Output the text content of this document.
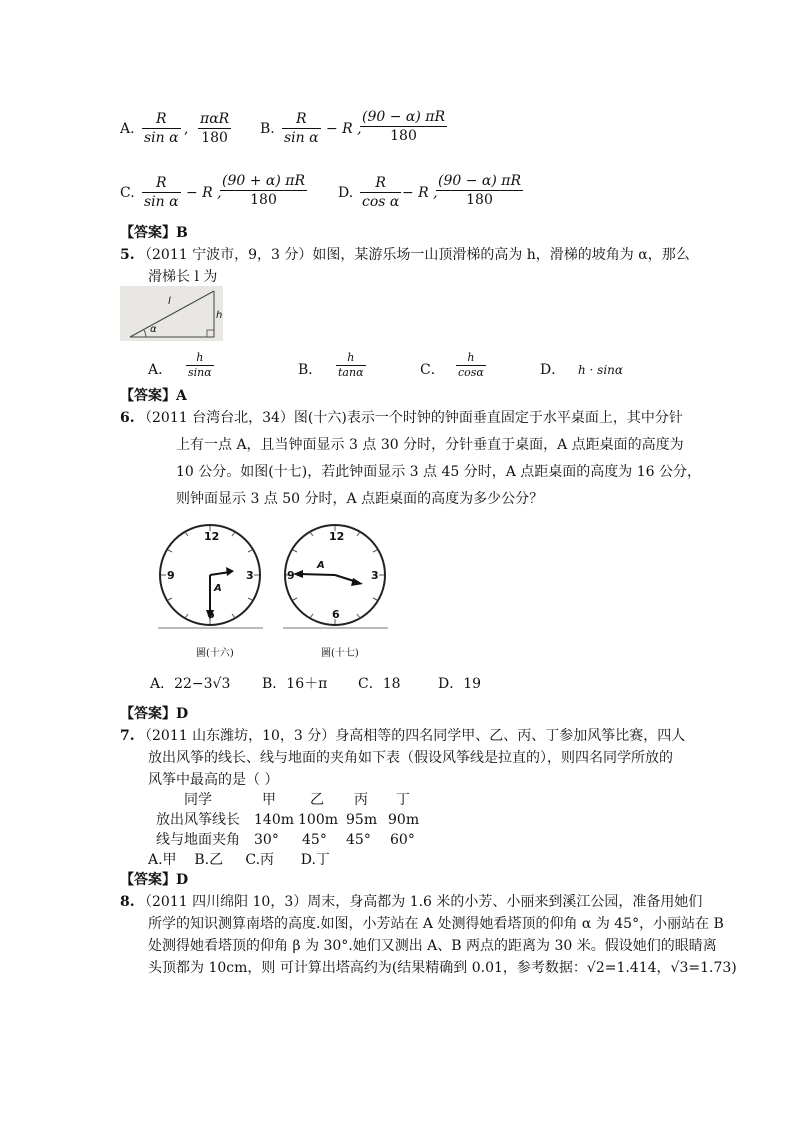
A. $\frac{R}{\text{sin α}}$ ,
παR
180
B. $\frac{R}{\text{sin α}} - R$ ,
$\frac{(90 - \alpha) \pi R}{180}$
C. $\frac{R}{\text{sin α}} - R$ ,
$\frac{(90 + \alpha) \pi R}{180} D$. $\frac{R}{\text{cos α}} - R$ ,
$\frac{(90 - \alpha) \pi R}{180}$
【答案】B
5. （2011 宁波市，9，3 分）如图，某游乐场一山顶滑梯的高为 h，滑梯的坡角为 α，那么
滑梯长 l 为
l
h
α
A． $\frac{h}{\sin\alpha}$	B． $\frac{h}{\tan\alpha}$	C． $\frac{h}{\cos\alpha}$	D． h · sinα
【答案】A
6. （2011 台湾台北，34）图(十六)表示一个时钟的钟面垂直固定于水平桌面上，其中分针
上有一点 A，且当钟面显示 3 点 30 分时，分针垂直于桌面，A 点距桌面的高度为
10 公分。如图(十七)，若此钟面显示 3 点 45 分时，A 点距桌面的高度为 16 公分，
则钟面显示 3 点 50 分时，A 点距桌面的高度为多少公分？
12
3
6
9
A
圖(十六)
12
3
6
9
A
圖(十七)
A．22−3√3 B．16＋π C．18	D．19
【答案】D
7. （2011 山东潍坊，10，3 分）身高相等的四名同学甲、乙、丙、丁参加风筝比赛，四人
放出风筝的线长、线与地面的夹角如下表（假设风筝线是拉直的），则四名同学所放的
风筝中最高的是（ ）
同学	甲 乙 丙 丁
放出风筝线长 140m 100m 95m 90m
线与地面夹角 30° 45° 45° 60°
A.甲    B.乙     C.丙      D.丁
【答案】D
8. （2011 四川绵阳 10，3）周末，身高都为 1.6 米的小芳、小丽来到溪江公园，准备用她们
所学的知识测算南塔的高度.如图，小芳站在 A 处测得她看塔顶的仰角 α 为 45°，小丽站在 B
处测得她看塔顶的仰角 β 为 30°.她们又测出 A、B 两点的距离为 30 米。假设她们的眼睛离
头顶都为 10cm，则 可计算出塔高约为(结果精确到 0.01，参考数据：√2=1.414，√3=1.73)
